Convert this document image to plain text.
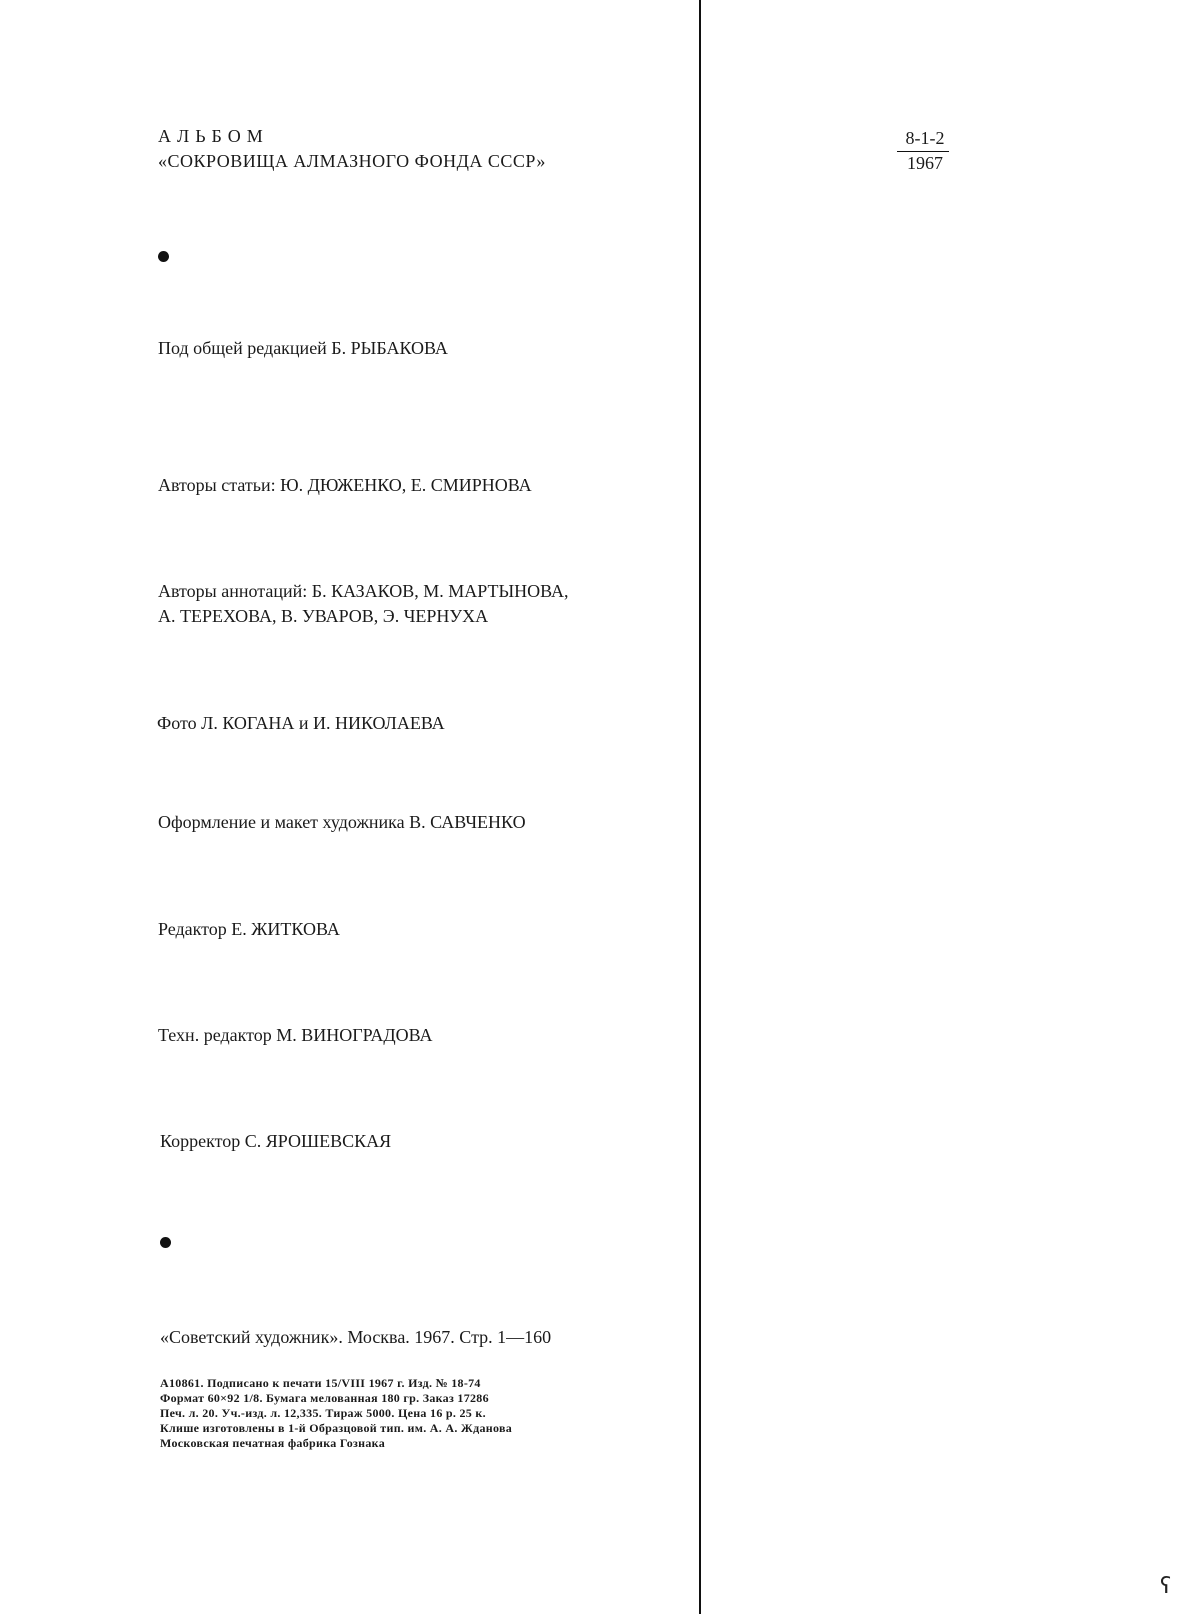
АЛЬБОМ
«СОКРОВИЩА АЛМАЗНОГО ФОНДА СССР»
8-1-2
1967
Под общей редакцией Б. РЫБАКОВА
Авторы статьи: Ю. ДЮЖЕНКО, Е. СМИРНОВА
Авторы аннотаций: Б. КАЗАКОВ, М. МАРТЫНОВА,
А. ТЕРЕХОВА, В. УВАРОВ, Э. ЧЕРНУХА
Фото Л. КОГАНА и И. НИКОЛАЕВА
Оформление и макет художника В. САВЧЕНКО
Редактор Е. ЖИТКОВА
Техн. редактор М. ВИНОГРАДОВА
Корректор С. ЯРОШЕВСКАЯ
«Советский художник». Москва. 1967. Стр. 1—160
А10861. Подписано к печати 15/VIII 1967 г. Изд. № 18-74
Формат 60×92 1/8. Бумага мелованная 180 гр. Заказ 17286
Печ. л. 20. Уч.-изд. л. 12,335. Тираж 5000. Цена 16 р. 25 к.
Клише изготовлены в 1-й Образцовой тип. им. А. А. Жданова
Московская печатная фабрика Гознака
ʕ
